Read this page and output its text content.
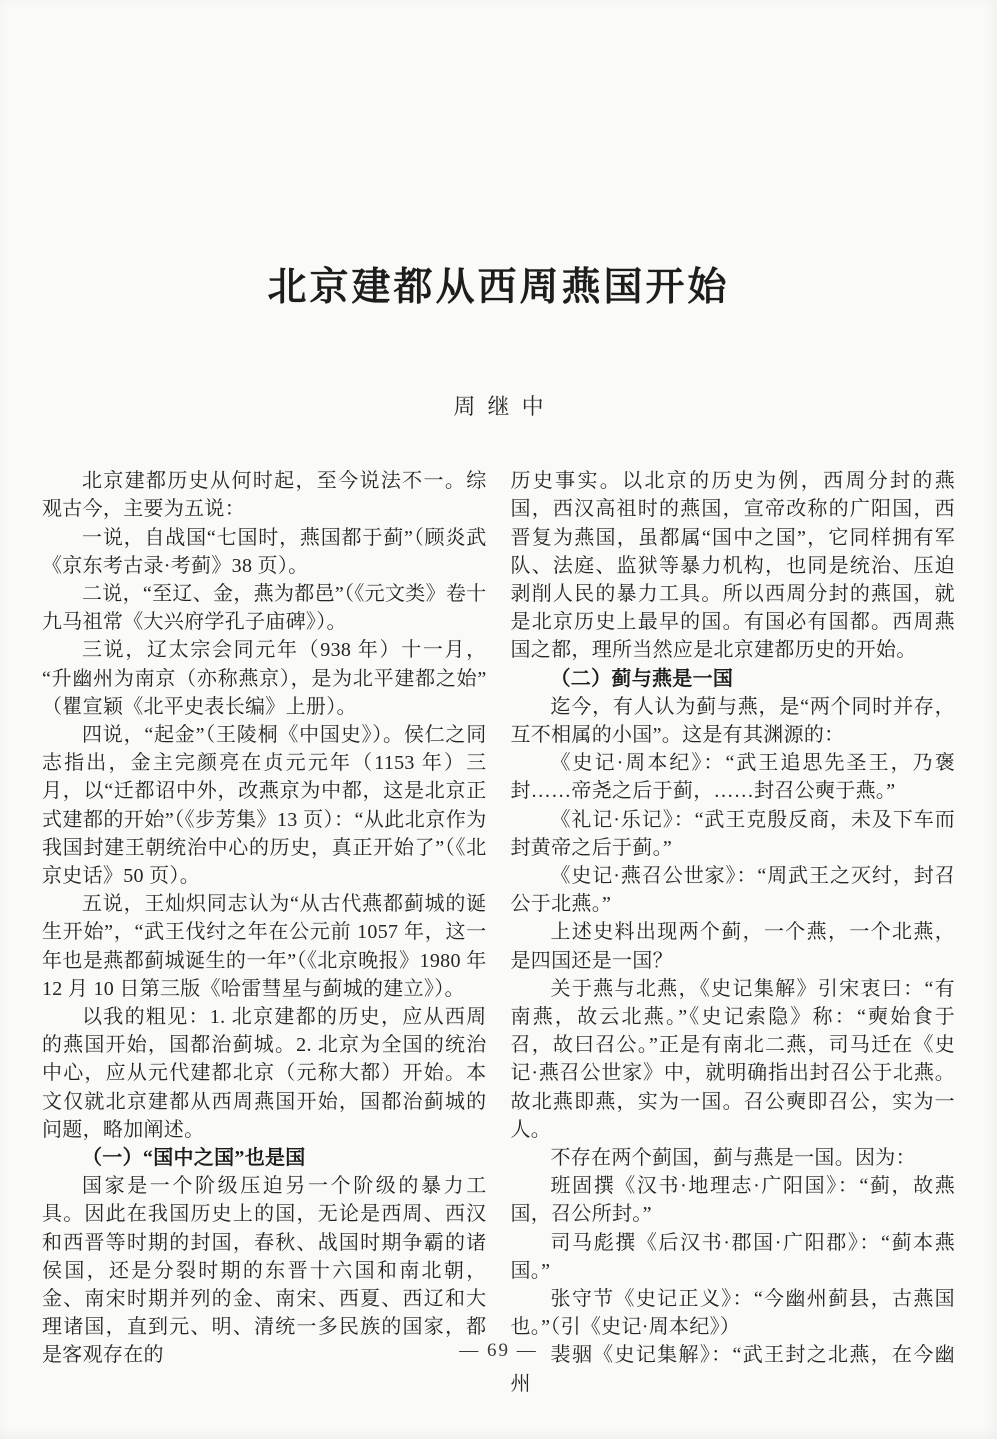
北京建都从西周燕国开始
周继中

北京建都历史从何时起，至今说法不一。综观古今，主要为五说：

一说，自战国“七国时，燕国都于蓟”（顾炎武《京东考古录·考蓟》38 页）。

二说，“至辽、金，燕为都邑”（《元文类》卷十九马祖常《大兴府学孔子庙碑》）。

三说，辽太宗会同元年（938 年）十一月，“升幽州为南京（亦称燕京），是为北平建都之始”（瞿宣颖《北平史表长编》上册）。

四说，“起金”（王陵桐《中国史》）。侯仁之同志指出，金主完颜亮在贞元元年（1153 年）三月，以“迁都诏中外，改燕京为中都，这是北京正式建都的开始”（《步芳集》13 页）：“从此北京作为我国封建王朝统治中心的历史，真正开始了”（《北京史话》50 页）。

五说，王灿炽同志认为“从古代燕都蓟城的诞生开始”，“武王伐纣之年在公元前 1057 年，这一年也是燕都蓟城诞生的一年”（《北京晚报》1980 年 12 月 10 日第三版《哈雷彗星与蓟城的建立》）。

以我的粗见：1. 北京建都的历史，应从西周的燕国开始，国都治蓟城。2. 北京为全国的统治中心，应从元代建都北京（元称大都）开始。本文仅就北京建都从西周燕国开始，国都治蓟城的问题，略加阐述。

（一）“国中之国”也是国

国家是一个阶级压迫另一个阶级的暴力工具。因此在我国历史上的国，无论是西周、西汉和西晋等时期的封国，春秋、战国时期争霸的诸侯国，还是分裂时期的东晋十六国和南北朝，金、南宋时期并列的金、南宋、西夏、西辽和大理诸国，直到元、明、清统一多民族的国家，都是客观存在的

历史事实。以北京的历史为例，西周分封的燕国，西汉高祖时的燕国，宣帝改称的广阳国，西晋复为燕国，虽都属“国中之国”，它同样拥有军队、法庭、监狱等暴力机构，也同是统治、压迫剥削人民的暴力工具。所以西周分封的燕国，就是北京历史上最早的国。有国必有国都。西周燕国之都，理所当然应是北京建都历史的开始。

（二）蓟与燕是一国

迄今，有人认为蓟与燕，是“两个同时并存，互不相属的小国”。这是有其渊源的：

《史记·周本纪》：“武王追思先圣王，乃褒封……帝尧之后于蓟，……封召公奭于燕。”

《礼记·乐记》：“武王克殷反商，未及下车而封黄帝之后于蓟。”

《史记·燕召公世家》：“周武王之灭纣，封召公于北燕。”

上述史料出现两个蓟，一个燕，一个北燕，是四国还是一国？

关于燕与北燕，《史记集解》引宋衷曰：“有南燕，故云北燕。”《史记索隐》称：“奭始食于召，故曰召公。”正是有南北二燕，司马迁在《史记·燕召公世家》中，就明确指出封召公于北燕。故北燕即燕，实为一国。召公奭即召公，实为一人。

不存在两个蓟国，蓟与燕是一国。因为：

班固撰《汉书·地理志·广阳国》：“蓟，故燕国，召公所封。”

司马彪撰《后汉书·郡国·广阳郡》：“蓟本燕国。”

张守节《史记正义》：“今幽州蓟县，古燕国也。”（引《史记·周本纪》）

裴骃《史记集解》：“武王封之北燕，在今幽州

— 69 —
